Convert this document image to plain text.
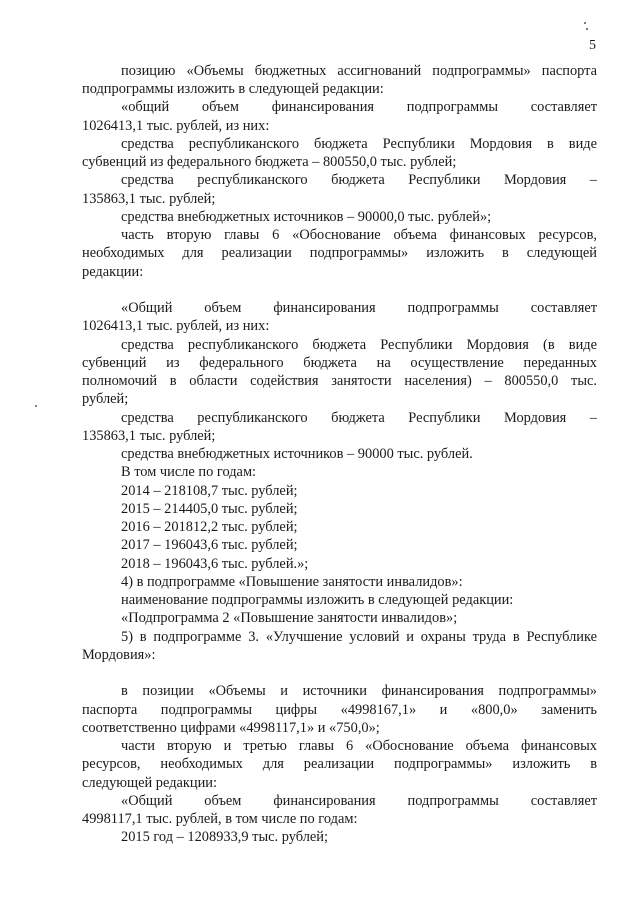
5
позицию «Объемы бюджетных ассигнований подпрограммы» паспорта
подпрограммы изложить в следующей редакции:
«общий объем финансирования подпрограммы составляет
1026413,1 тыс. рублей, из них:
средства республиканского бюджета Республики Мордовия в виде
субвенций из федерального бюджета – 800550,0 тыс. рублей;
средства республиканского бюджета Республики Мордовия –
135863,1 тыс. рублей;
средства внебюджетных источников – 90000,0 тыс. рублей»;
часть вторую главы 6 «Обоснование объема финансовых ресурсов,
необходимых для реализации подпрограммы» изложить в следующей
редакции:
«Общий объем финансирования подпрограммы составляет
1026413,1 тыс. рублей, из них:
средства республиканского бюджета Республики Мордовия (в виде
субвенций из федерального бюджета на осуществление переданных
полномочий в области содействия занятости населения) – 800550,0 тыс.
рублей;
средства республиканского бюджета Республики Мордовия –
135863,1 тыс. рублей;
средства внебюджетных источников – 90000 тыс. рублей.
В том числе по годам:
2014 – 218108,7 тыс. рублей;
2015 – 214405,0 тыс. рублей;
2016 – 201812,2 тыс. рублей;
2017 – 196043,6 тыс. рублей;
2018 – 196043,6 тыс. рублей.»;
4) в подпрограмме «Повышение занятости инвалидов»:
наименование подпрограммы изложить в следующей редакции:
«Подпрограмма 2 «Повышение занятости инвалидов»;
5) в подпрограмме 3. «Улучшение условий и охраны труда в Республике
Мордовия»:
в позиции «Объемы и источники финансирования подпрограммы»
паспорта подпрограммы цифры «4998167,1» и «800,0» заменить
соответственно цифрами «4998117,1» и «750,0»;
части вторую и третью главы 6 «Обоснование объема финансовых
ресурсов, необходимых для реализации подпрограммы» изложить в
следующей редакции:
«Общий объем финансирования подпрограммы составляет
4998117,1 тыс. рублей, в том числе по годам:
2015 год – 1208933,9 тыс. рублей;
